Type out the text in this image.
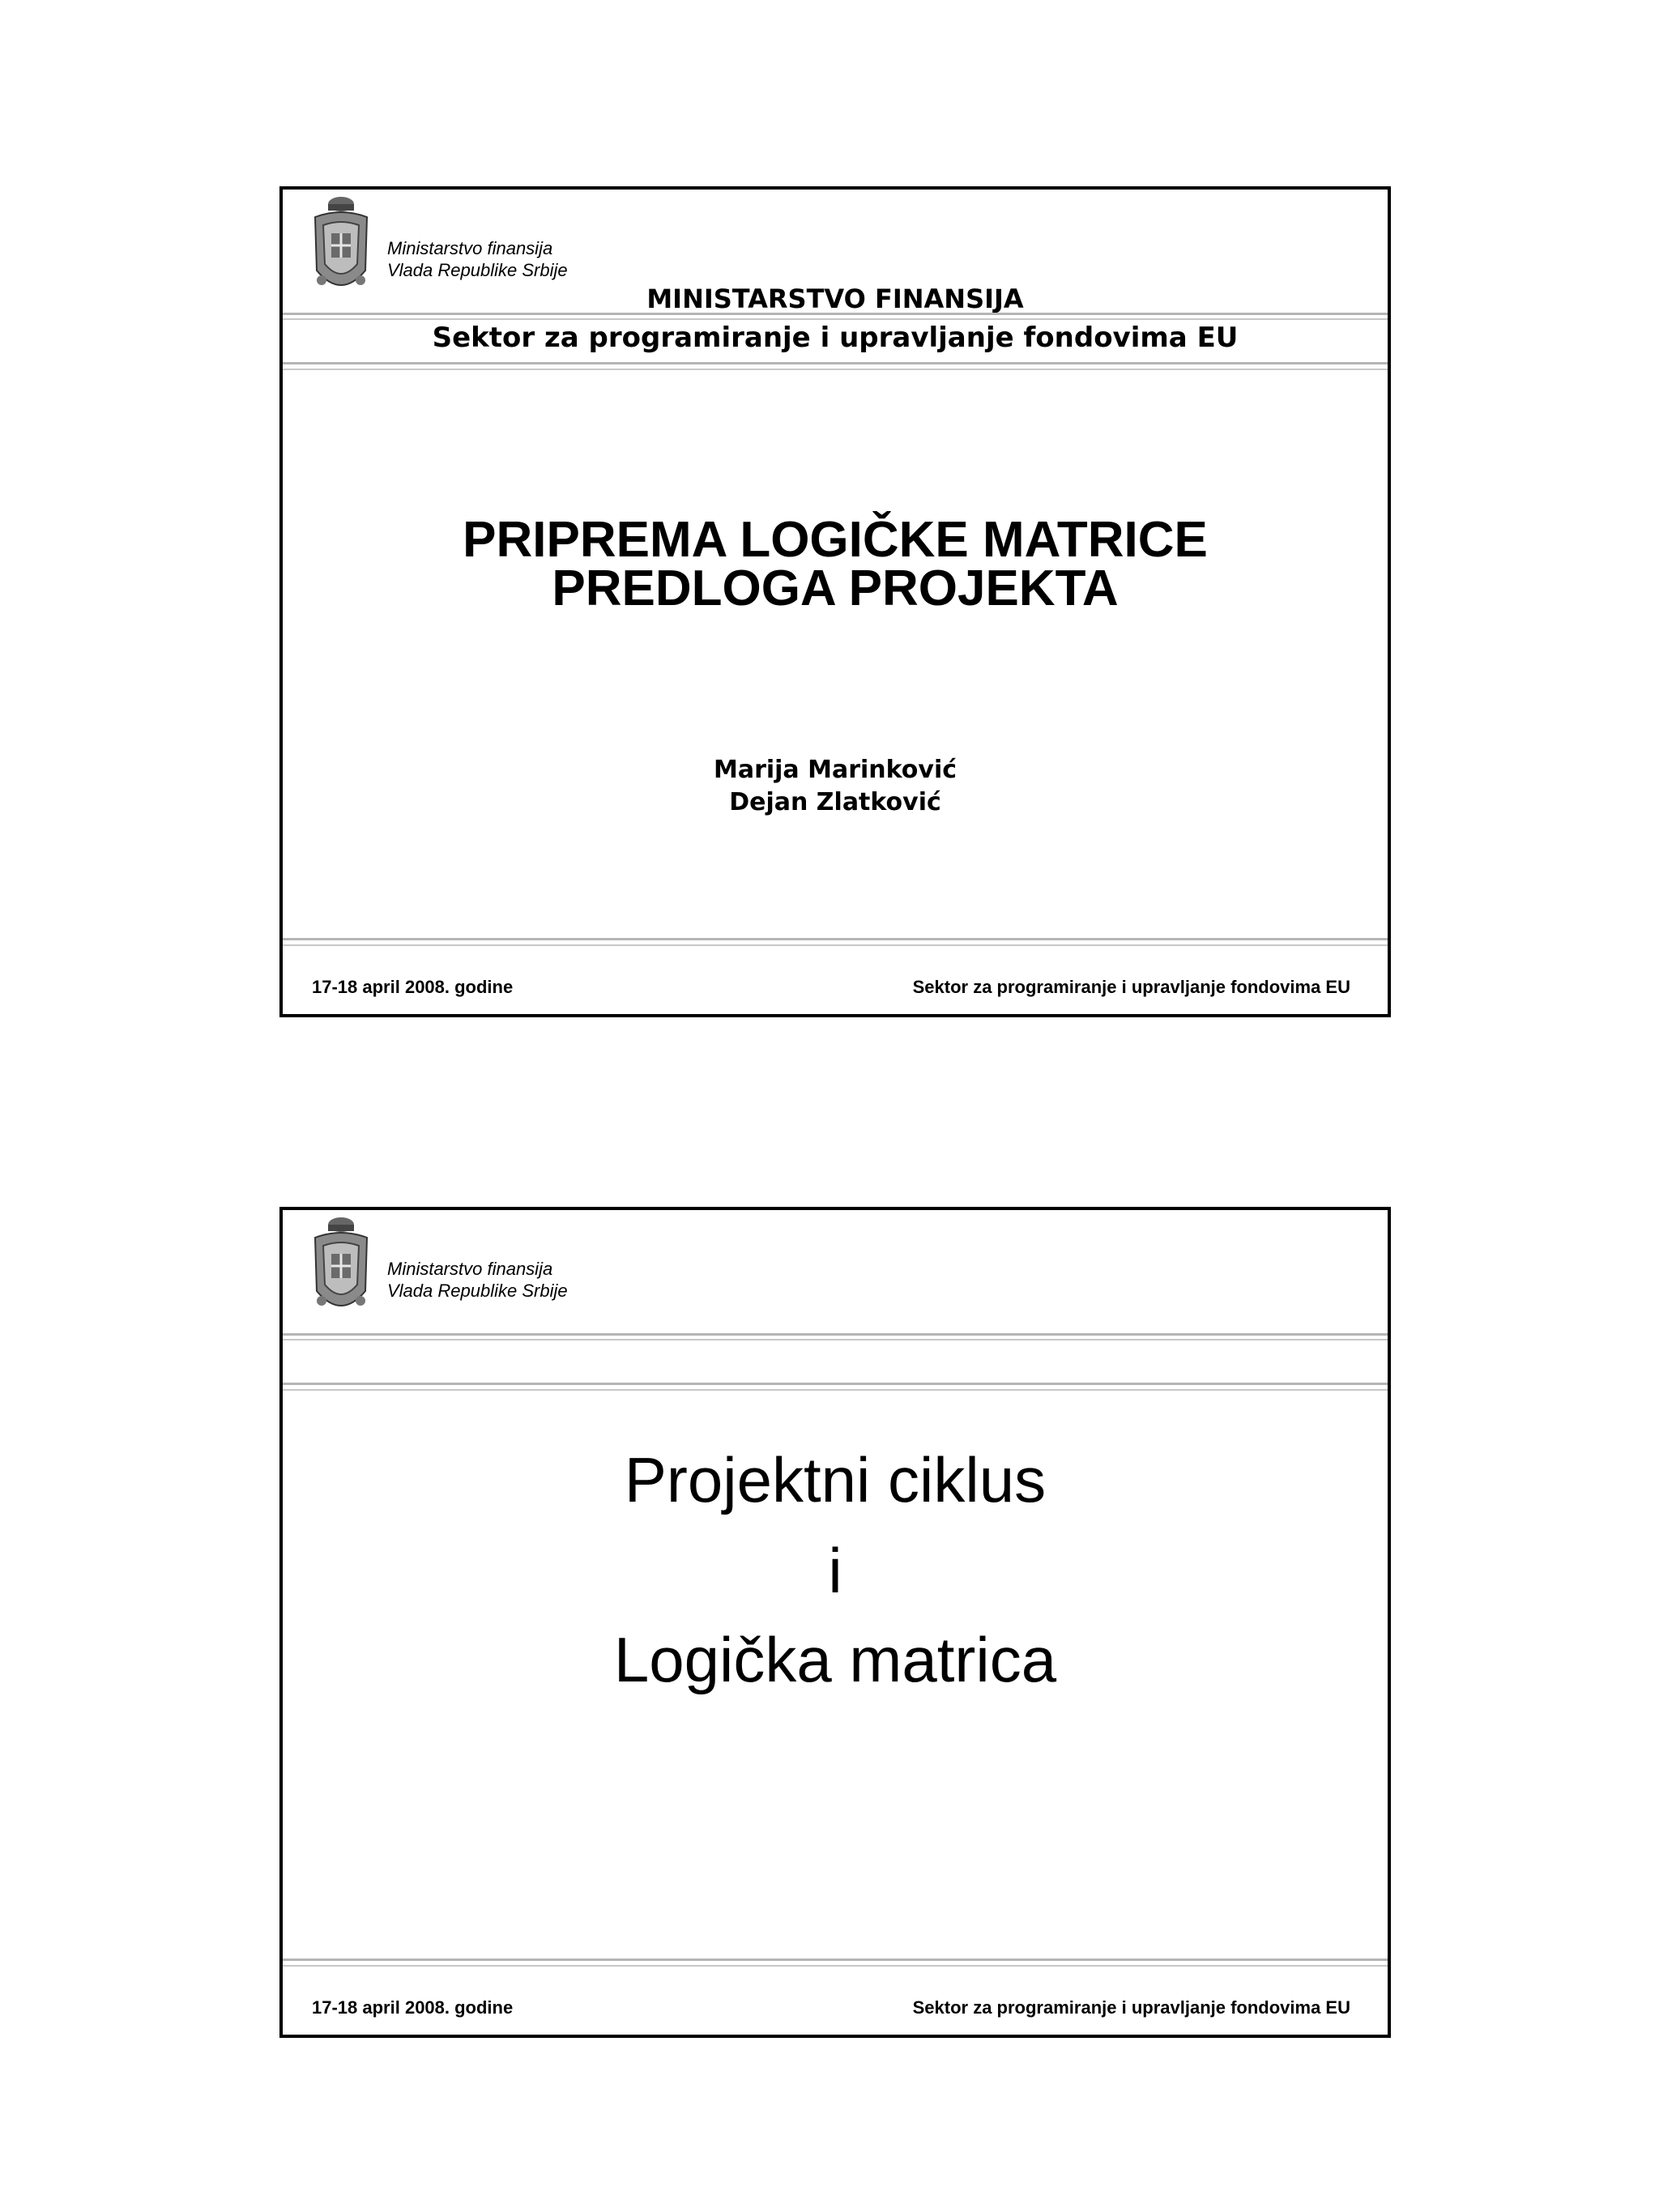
Ministarstvo finansija
Vlada Republike Srbije
MINISTARSTVO FINANSIJA
Sektor za programiranje i upravljanje fondovima EU
PRIPREMA LOGIČKE MATRICE
PREDLOGA PROJEKTA
Marija Marinković
Dejan Zlatković
17-18 april 2008. godine	Sektor za programiranje i upravljanje fondovima EU
Ministarstvo finansija
Vlada Republike Srbije
Projektni ciklus
i
Logička matrica
17-18 april 2008. godine	Sektor za programiranje i upravljanje fondovima EU
